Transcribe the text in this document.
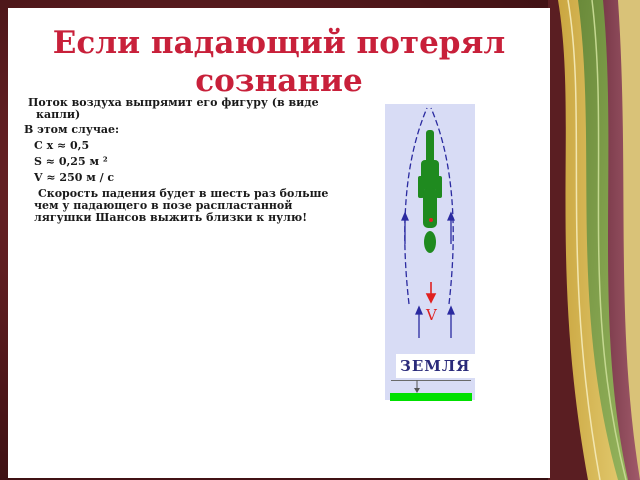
Если падающий потерял
сознание
Поток воздуха выпрямит его фигуру (в виде
капли)
В этом случае:
C x ≈ 0,5
S ≈ 0,25 м ²
V ≈ 250 м / с
Скорость падения будет в шесть раз больше
чем у падающего в позе распластанной
лягушки Шансов выжить близки к нулю!
V
ЗЕМЛЯ
